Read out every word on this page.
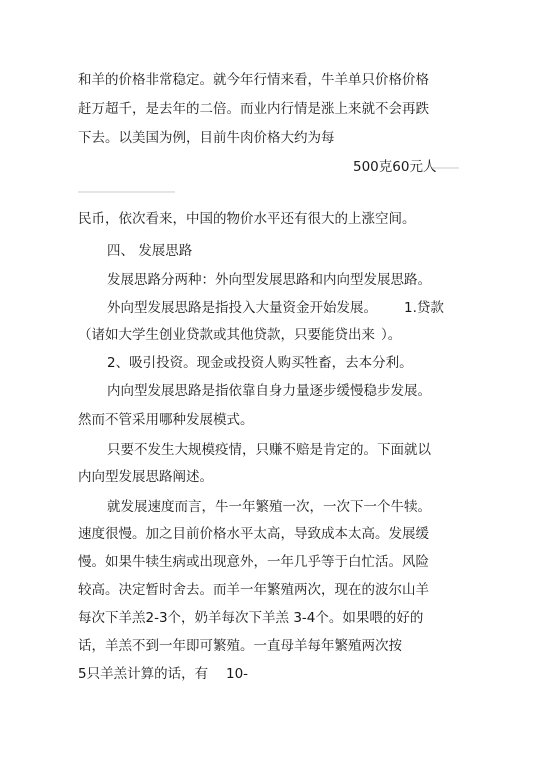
和羊的价格非常稳定。就今年行情来看，牛羊单只价格价格
赶万超千，是去年的二倍。而业内行情是涨上来就不会再跌
下去。以美国为例，目前牛肉价格大约为每
500克60元人
▔▔▔▔▔
▔▔▔▔▔▔▔▔▔▔▔▔▔▔▔▔▔▔
民币，依次看来，中国的物价水平还有很大的上涨空间。
四、 发展思路
发展思路分两种：外向型发展思路和内向型发展思路。
外向型发展思路是指投入大量资金开始发展。 1.贷款
（诸如大学生创业贷款或其他贷款，只要能贷出来 ）。
2、吸引投资。现金或投资人购买牲畜，去本分利。
内向型发展思路是指依靠自身力量逐步缓慢稳步发展。
然而不管采用哪种发展模式。
只要不发生大规模疫情，只赚不赔是肯定的。下面就以
内向型发展思路阐述。
就发展速度而言，牛一年繁殖一次，一次下一个牛犊。
速度很慢。加之目前价格水平太高，导致成本太高。发展缓
慢。如果牛犊生病或出现意外，一年几乎等于白忙活。风险
较高。决定暂时舍去。而羊一年繁殖两次，现在的波尔山羊
每次下羊羔2-3个，奶羊每次下羊羔 3-4个。如果喂的好的
话，羊羔不到一年即可繁殖。一直母羊每年繁殖两次按
5只羊羔计算的话，有 10-
